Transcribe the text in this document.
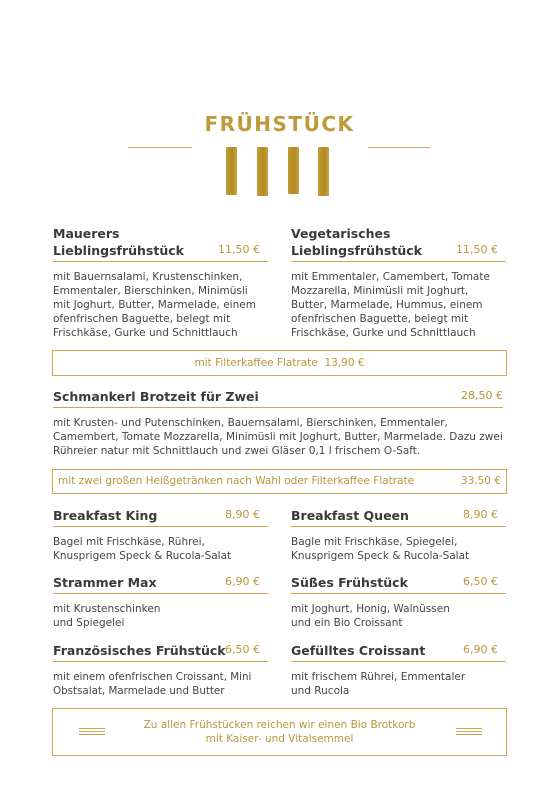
FRÜHSTÜCK
Mauerers
Lieblingsfrühstück	11,50 €
mit Bauernsalami, Krustenschinken, Emmentaler, Bierschinken, Minimüsli mit Joghurt, Butter, Marmelade, einem ofenfrischen Baguette, belegt mit Frischkäse, Gurke und Schnittlauch
Vegetarisches
Lieblingsfrühstück	11,50 €
mit Emmentaler, Camembert, Tomate Mozzarella, Minimüsli mit Joghurt, Butter, Marmelade, Hummus, einem ofenfrischen Baguette, belegt mit Frischkäse, Gurke und Schnittlauch
mit Filterkaffee Flatrate 13,90 €
Schmankerl Brotzeit für Zwei	28,50 €
mit Krusten- und Putenschinken, Bauernsalami, Bierschinken, Emmentaler, Camembert, Tomate Mozzarella, Minimüsli mit Joghurt, Butter, Marmelade. Dazu zwei Rühreier natur mit Schnittlauch und zwei Gläser 0,1 l frischem O-Saft.
mit zwei großen Heißgetränken nach Wahl oder Filterkaffee Flatrate	33,50 €
Breakfast King	8,90 €
Bagel mit Frischkäse, Rührei, Knusprigem Speck & Rucola-Salat
Breakfast Queen	8,90 €
Bagle mit Frischkäse, Spiegelei, Knusprigem Speck & Rucola-Salat
Strammer Max	6,90 €
mit Krustenschinken und Spiegelei
Süßes Frühstück	6,50 €
mit Joghurt, Honig, Walnüssen und ein Bio Croissant
Französisches Frühstück 6,50 €
mit einem ofenfrischen Croissant, Mini Obstsalat, Marmelade und Butter
Gefülltes Croissant	6,90 €
mit frischem Rührei, Emmentaler und Rucola
Zu allen Frühstücken reichen wir einen Bio Brotkorb
mit Kaiser- und Vitalsemmel
